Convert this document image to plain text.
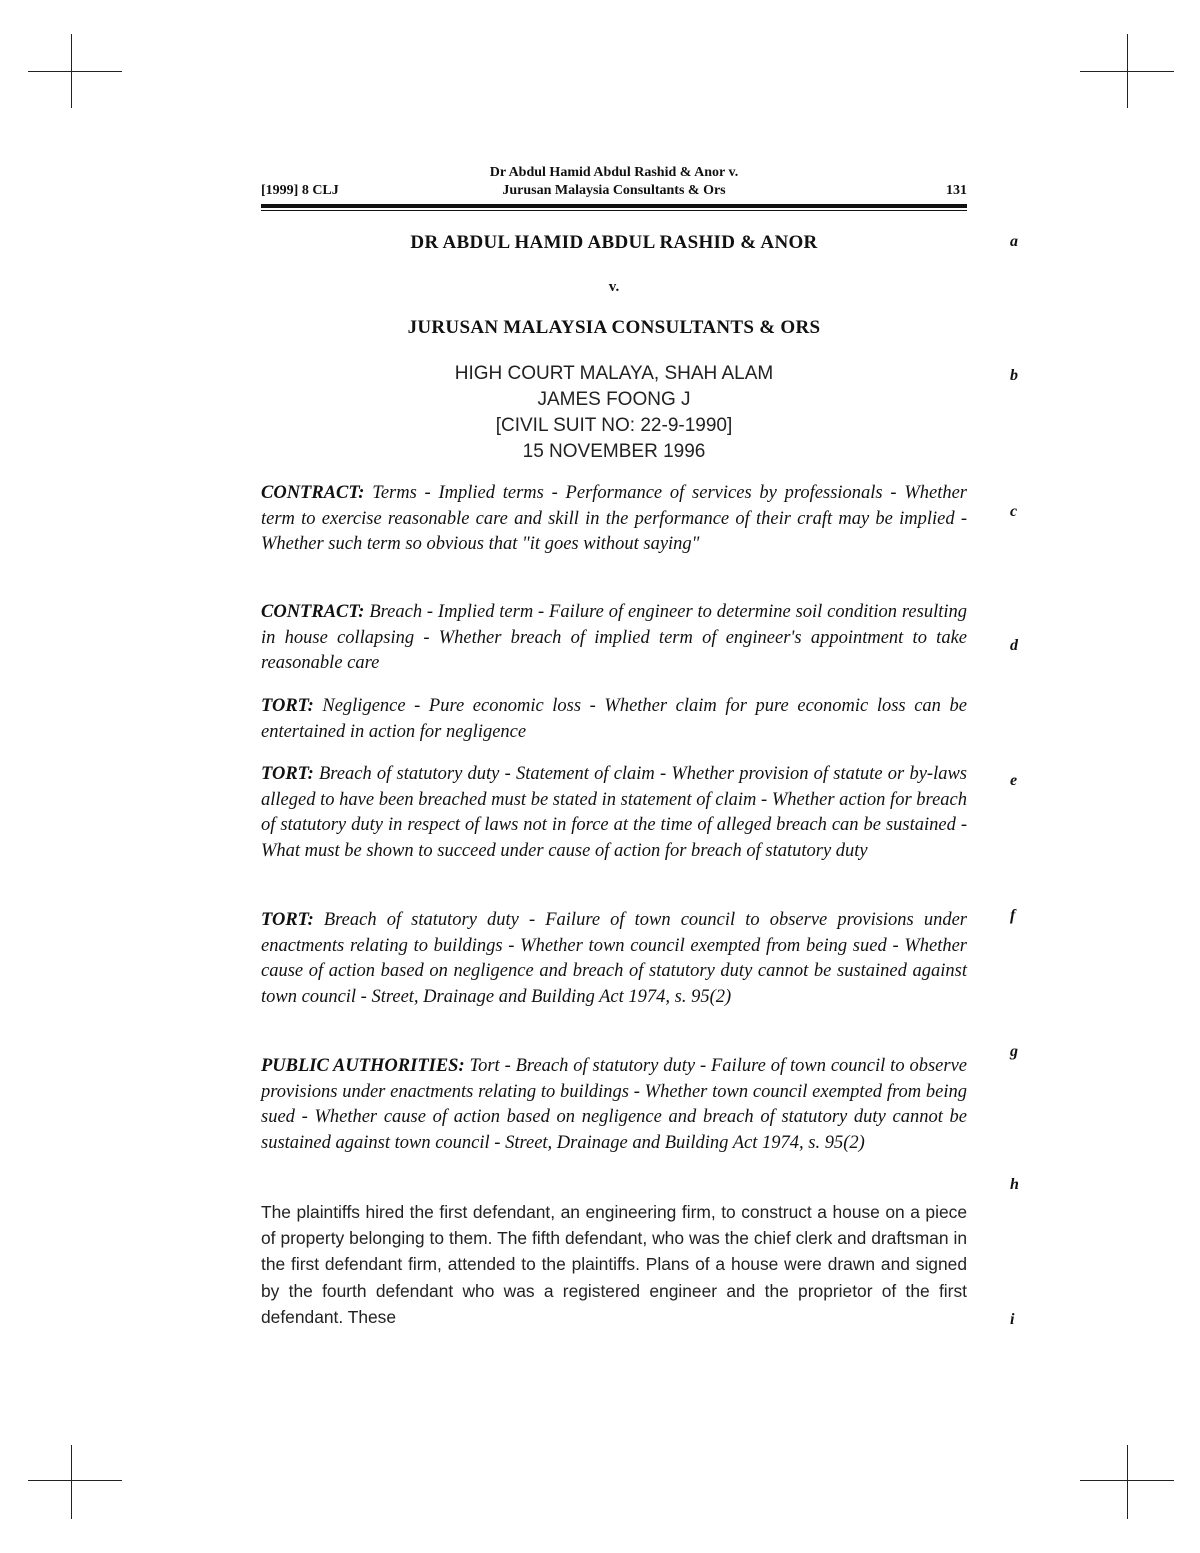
[1999] 8 CLJ
Dr Abdul Hamid Abdul Rashid & Anor v.
Jurusan Malaysia Consultants & Ors	131
DR ABDUL HAMID ABDUL RASHID & ANOR
v.
JURUSAN MALAYSIA CONSULTANTS & ORS
HIGH COURT MALAYA, SHAH ALAM
JAMES FOONG J
[CIVIL SUIT NO: 22-9-1990]
15 NOVEMBER 1996
CONTRACT: Terms - Implied terms - Performance of services by professionals - Whether term to exercise reasonable care and skill in the performance of their craft may be implied - Whether such term so obvious that "it goes without saying"
CONTRACT: Breach - Implied term - Failure of engineer to determine soil condition resulting in house collapsing - Whether breach of implied term of engineer's appointment to take reasonable care
TORT: Negligence - Pure economic loss - Whether claim for pure economic loss can be entertained in action for negligence
TORT: Breach of statutory duty - Statement of claim - Whether provision of statute or by-laws alleged to have been breached must be stated in statement of claim - Whether action for breach of statutory duty in respect of laws not in force at the time of alleged breach can be sustained - What must be shown to succeed under cause of action for breach of statutory duty
TORT: Breach of statutory duty - Failure of town council to observe provisions under enactments relating to buildings - Whether town council exempted from being sued - Whether cause of action based on negligence and breach of statutory duty cannot be sustained against town council - Street, Drainage and Building Act 1974, s. 95(2)
PUBLIC AUTHORITIES: Tort - Breach of statutory duty - Failure of town council to observe provisions under enactments relating to buildings - Whether town council exempted from being sued - Whether cause of action based on negligence and breach of statutory duty cannot be sustained against town council - Street, Drainage and Building Act 1974, s. 95(2)
The plaintiffs hired the first defendant, an engineering firm, to construct a house on a piece of property belonging to them. The fifth defendant, who was the chief clerk and draftsman in the first defendant firm, attended to the plaintiffs. Plans of a house were drawn and signed by the fourth defendant who was a registered engineer and the proprietor of the first defendant. These
a
b
c
d
e
f
g
h
i
